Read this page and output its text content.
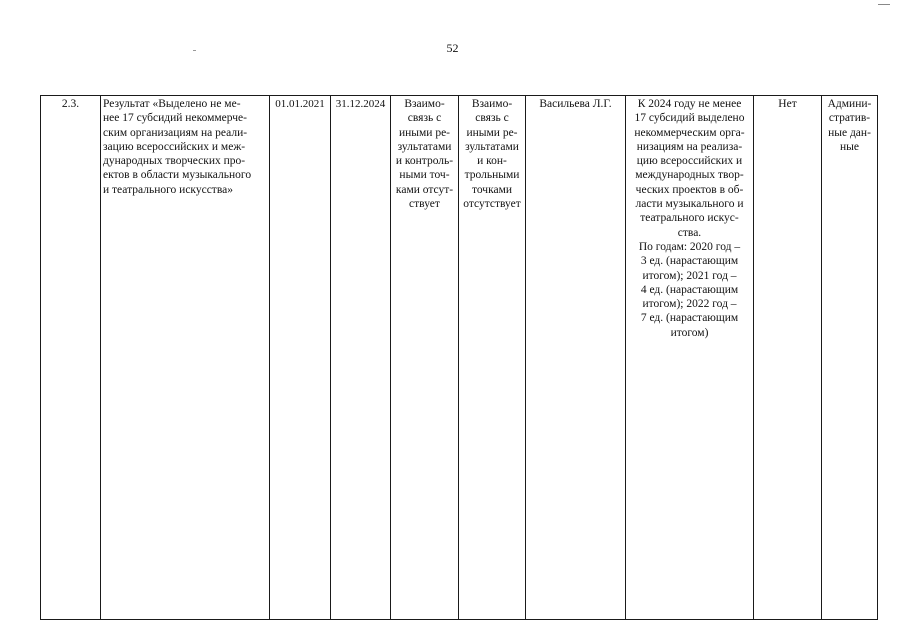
52
2.3.	Результат «Выделено не ме-
нее 17 субсидий некоммерче-
ским организациям на реали-
зацию всероссийских и меж-
дународных творческих про-
ектов в области музыкального
и театрального искусства»	01.01.2021	31.12.2024	Взаимо-
связь с
иными ре-
зультатами
и контроль-
ными точ-
ками отсут-
ствует	Взаимо-
связь с
иными ре-
зультатами
и кон-
трольными
точками
отсутствует	Васильева Л.Г.	К 2024 году не менее
17 субсидий выделено
некоммерческим орга-
низациям на реализа-
цию всероссийских и
международных твор-
ческих проектов в об-
ласти музыкального и
театрального искус-
ства.
По годам: 2020 год –
3 ед. (нарастающим
итогом); 2021 год –
4 ед. (нарастающим
итогом); 2022 год –
7 ед. (нарастающим
итогом)	Нет	Админи-
стратив-
ные дан-
ные
